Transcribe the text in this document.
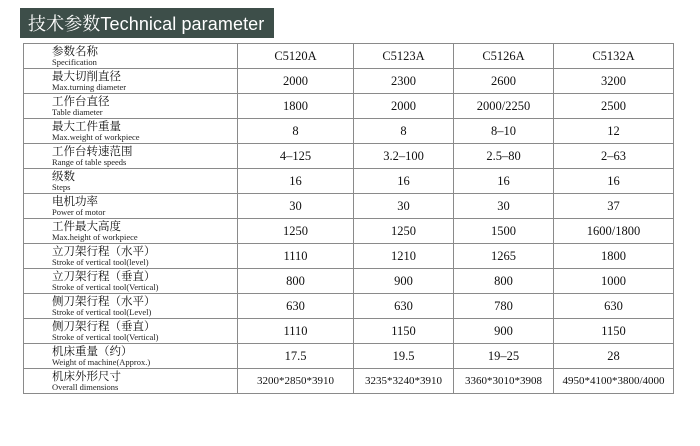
技术参数Technical parameter
参数名称
Specification	C5120A	C5123A	C5126A	C5132A

最大切削直径
Max.turning diameter	2000	2300	2600	3200

工作台直径
Table diameter	1800	2000	2000/2250	2500

最大工件重量
Max.weight of workpiece	8	8	8–10	12

工作台转速范围
Range of table speeds	4–125	3.2–100	2.5–80	2–63

级数
Steps	16	16	16	16

电机功率
Power of motor	30	30	30	37

工件最大高度
Max.height of workpiece	1250	1250	1500	1600/1800

立刀架行程（水平）
Stroke of vertical tool(level)	1110	1210	1265	1800

立刀架行程（垂直）
Stroke of vertical tool(Vertical)	800	900	800	1000

侧刀架行程（水平）
Stroke of vertical tool(Level)	630	630	780	630

侧刀架行程（垂直）
Stroke of vertical tool(Vertical)	1110	1150	900	1150

机床重量（约）
Weight of machine(Approx.)	17.5	19.5	19–25	28

机床外形尺寸
Overall dimensions	3200*2850*3910	3235*3240*3910	3360*3010*3908	4950*4100*3800/4000
